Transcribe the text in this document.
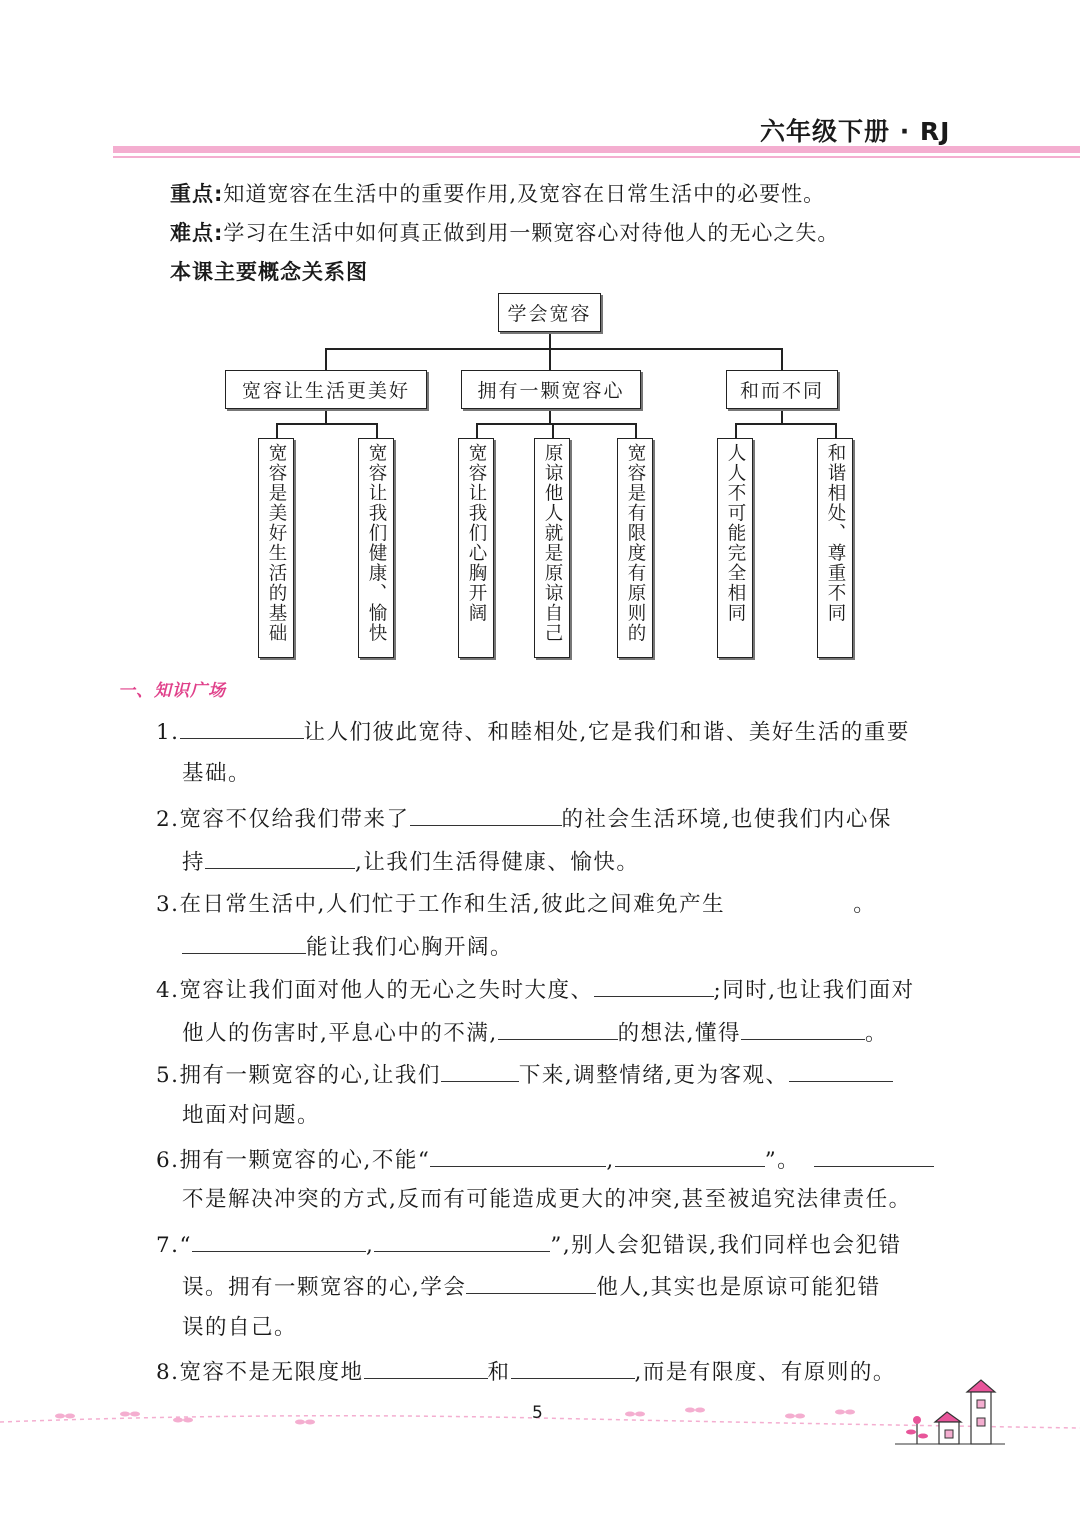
六年级下册 · RJ
重点:知道宽容在生活中的重要作用,及宽容在日常生活中的必要性。
难点:学习在生活中如何真正做到用一颗宽容心对待他人的无心之失。
本课主要概念关系图
学会宽容
宽容让生活更美好	拥有一颗宽容心	和而不同
宽容是美好生活的基础	宽容让我们健康、愉快	宽容让我们心胸开阔	原谅他人就是原谅自己	宽容是有限度有原则的	人人不可能完全相同	和谐相处、尊重不同
一、知识广场
1.	让人们彼此宽待、和睦相处,它是我们和谐、美好生活的重要
基础。
2.宽容不仅给我们带来了	的社会生活环境,也使我们内心保
持	,让我们生活得健康、愉快。
3.在日常生活中,人们忙于工作和生活,彼此之间难免产生	。
能让我们心胸开阔。
4.宽容让我们面对他人的无心之失时大度、	;同时,也让我们面对
他人的伤害时,平息心中的不满,	的想法,懂得	。
5.拥有一颗宽容的心,让我们	下来,调整情绪,更为客观、
地面对问题。
6.拥有一颗宽容的心,不能“	,	”。
不是解决冲突的方式,反而有可能造成更大的冲突,甚至被追究法律责任。
7.“	,	”,别人会犯错误,我们同样也会犯错
误。拥有一颗宽容的心,学会	他人,其实也是原谅可能犯错
误的自己。
8.宽容不是无限度地	和	,而是有限度、有原则的。
5
